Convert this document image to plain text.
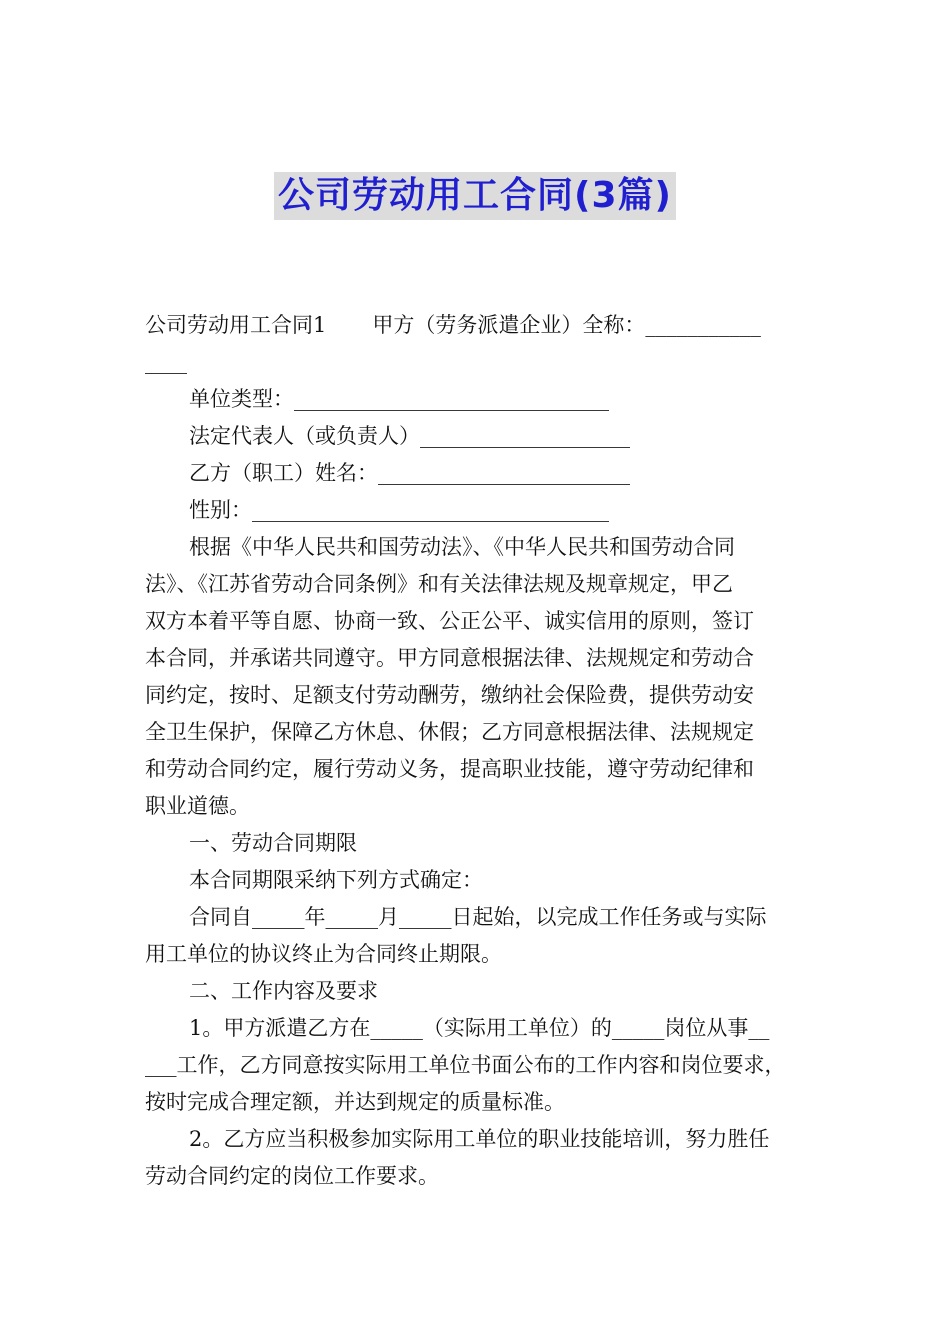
公司劳动用工合同(3篇)
公司劳动用工合同1 甲方（劳务派遣企业）全称：___________
____
单位类型：______________________________
法定代表人（或负责人）____________________
乙方（职工）姓名：________________________
性别：__________________________________
根据《中华人民共和国劳动法》、《中华人民共和国劳动合同
法》、《江苏省劳动合同条例》和有关法律法规及规章规定，甲乙
双方本着平等自愿、协商一致、公正公平、诚实信用的原则，签订
本合同，并承诺共同遵守。甲方同意根据法律、法规规定和劳动合
同约定，按时、足额支付劳动酬劳，缴纳社会保险费，提供劳动安
全卫生保护，保障乙方休息、休假；乙方同意根据法律、法规规定
和劳动合同约定，履行劳动义务，提高职业技能，遵守劳动纪律和
职业道德。
一、劳动合同期限
本合同期限采纳下列方式确定：
合同自_____年_____月_____日起始，以完成工作任务或与实际
用工单位的协议终止为合同终止期限。
二、工作内容及要求
1。甲方派遣乙方在_____（实际用工单位）的_____岗位从事__
___工作，乙方同意按实际用工单位书面公布的工作内容和岗位要求，
按时完成合理定额，并达到规定的质量标准。
2。乙方应当积极参加实际用工单位的职业技能培训，努力胜任
劳动合同约定的岗位工作要求。
